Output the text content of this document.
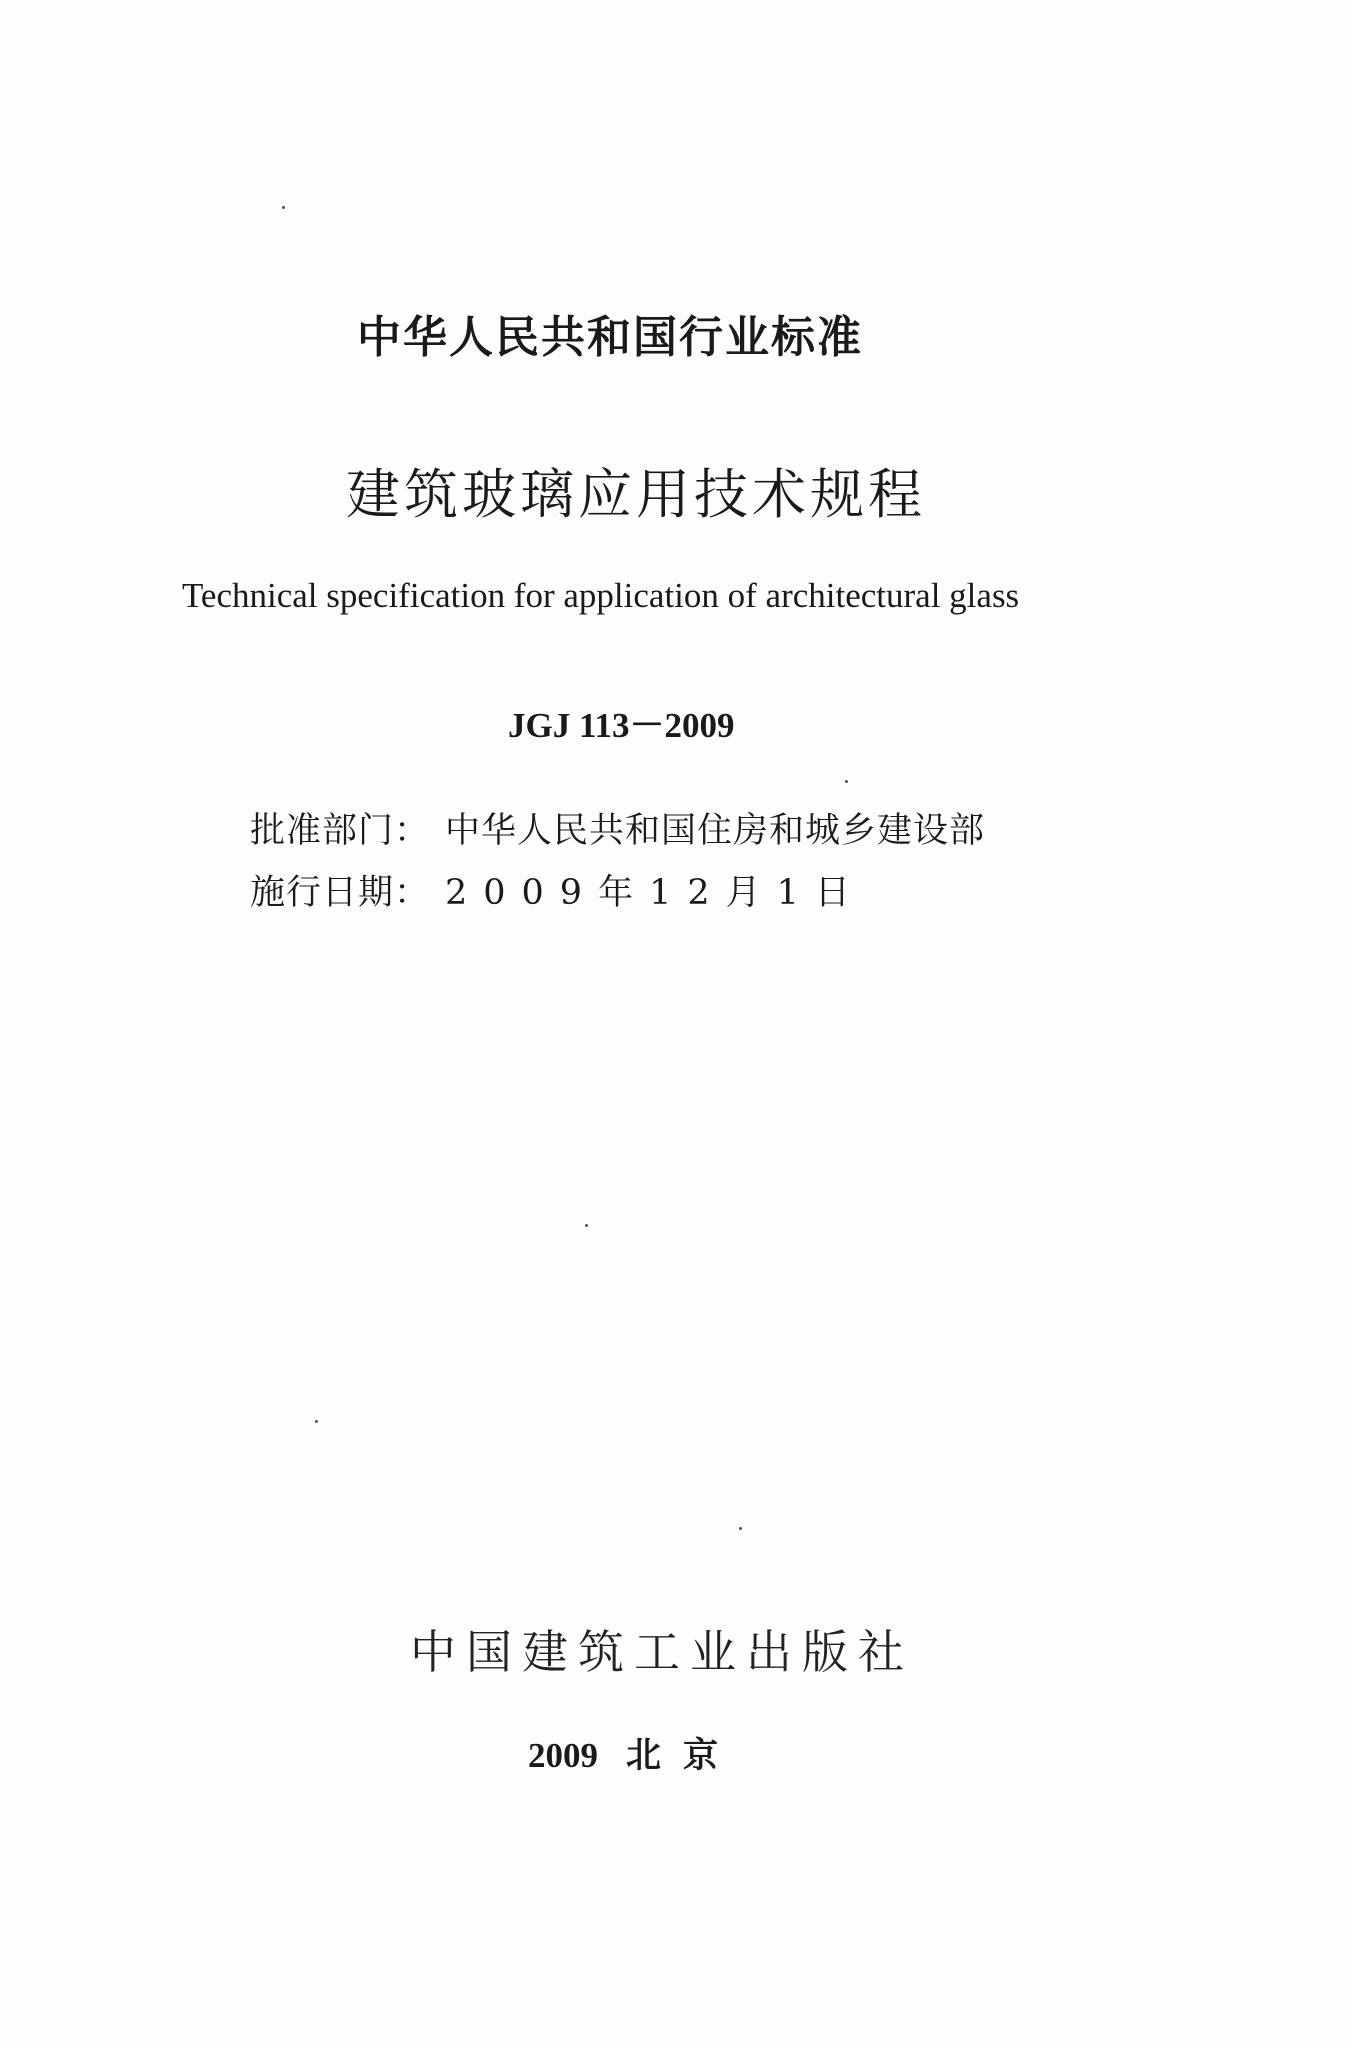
中华人民共和国行业标准
建筑玻璃应用技术规程
Technical specification for application of architectural glass
JGJ 113－2009
批准部门： 中华人民共和国住房和城乡建设部
施行日期： 2009年12月1日
中国建筑工业出版社
2009 北京
